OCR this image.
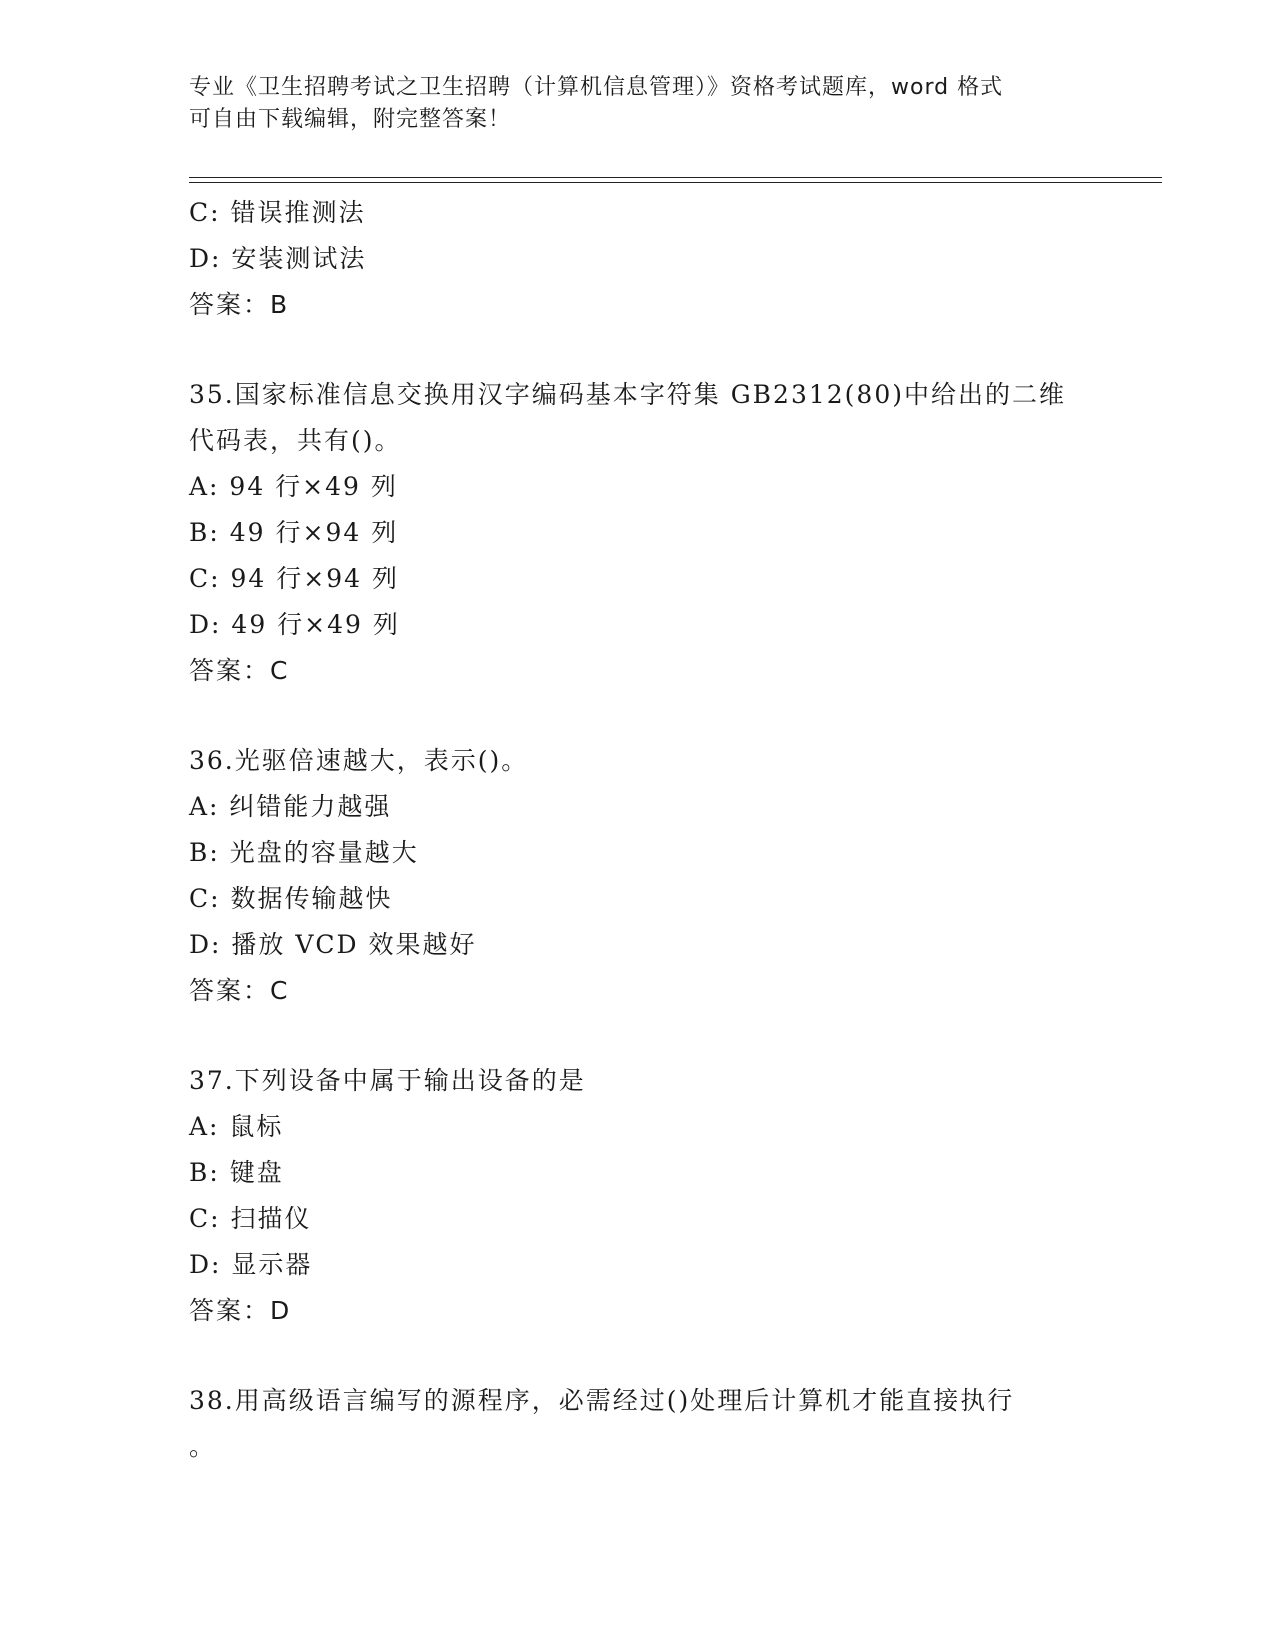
专业《卫生招聘考试之卫生招聘（计算机信息管理）》资格考试题库，word 格式
可自由下载编辑，附完整答案！
C: 错误推测法
D: 安装测试法
答案：B
35.国家标准信息交换用汉字编码基本字符集 GB2312(80)中给出的二维
代码表，共有()。
A: 94 行×49 列
B: 49 行×94 列
C: 94 行×94 列
D: 49 行×49 列
答案：C
36.光驱倍速越大，表示()。
A: 纠错能力越强
B: 光盘的容量越大
C: 数据传输越快
D: 播放 VCD 效果越好
答案：C
37.下列设备中属于输出设备的是
A: 鼠标
B: 键盘
C: 扫描仪
D: 显示器
答案：D
38.用高级语言编写的源程序，必需经过()处理后计算机才能直接执行
。
